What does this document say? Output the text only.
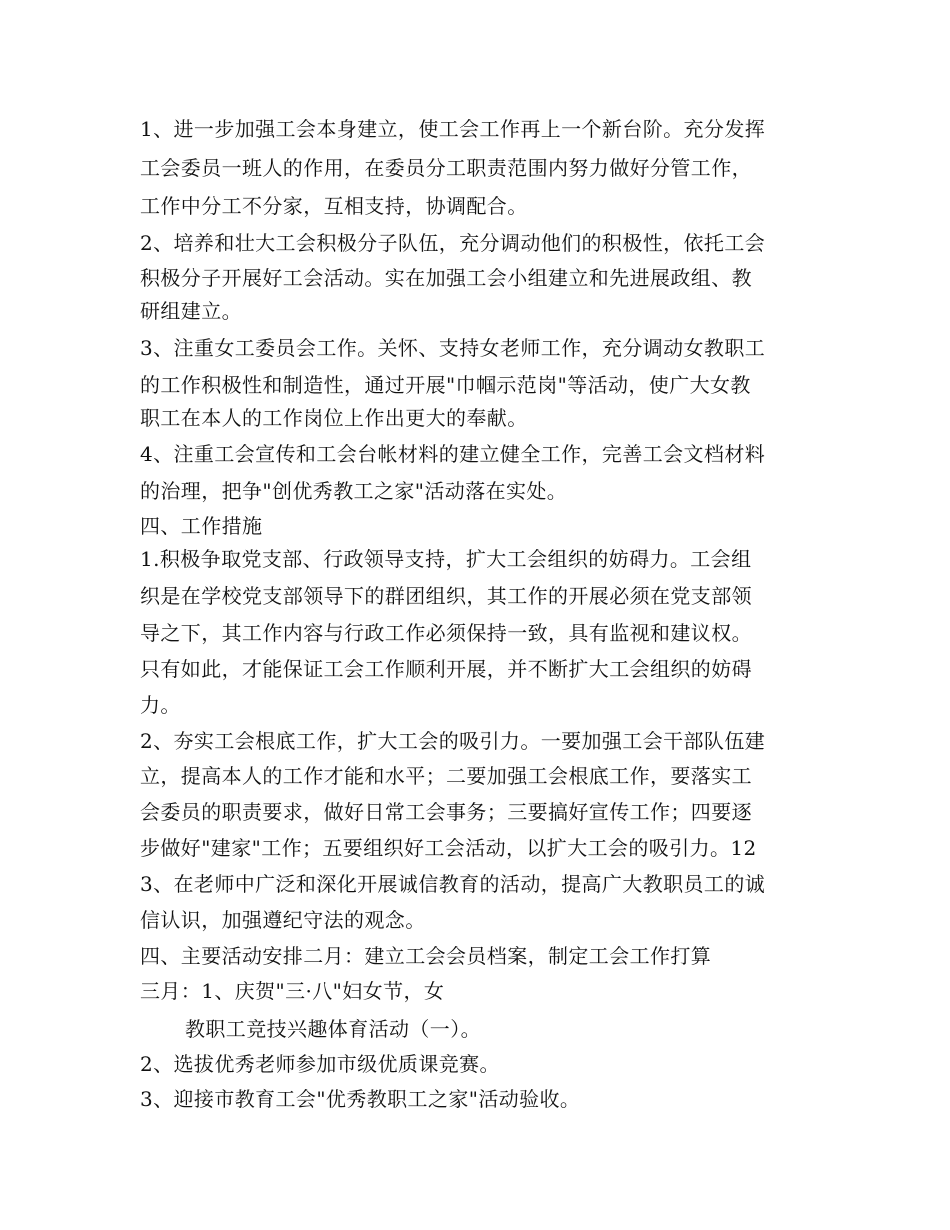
1、进一步加强工会本身建立，使工会工作再上一个新台阶。充分发挥
工会委员一班人的作用，在委员分工职责范围内努力做好分管工作，
工作中分工不分家，互相支持，协调配合。
2、培养和壮大工会积极分子队伍，充分调动他们的积极性，依托工会
积极分子开展好工会活动。实在加强工会小组建立和先进展政组、教
研组建立。
3、注重女工委员会工作。关怀、支持女老师工作，充分调动女教职工
的工作积极性和制造性，通过开展"巾帼示范岗"等活动，使广大女教
职工在本人的工作岗位上作出更大的奉献。
4、注重工会宣传和工会台帐材料的建立健全工作，完善工会文档材料
的治理，把争"创优秀教工之家"活动落在实处。
四、工作措施
1.积极争取党支部、行政领导支持，扩大工会组织的妨碍力。工会组
织是在学校党支部领导下的群团组织，其工作的开展必须在党支部领
导之下，其工作内容与行政工作必须保持一致，具有监视和建议权。
只有如此，才能保证工会工作顺利开展，并不断扩大工会组织的妨碍
力。
2、夯实工会根底工作，扩大工会的吸引力。一要加强工会干部队伍建
立，提高本人的工作才能和水平；二要加强工会根底工作，要落实工
会委员的职责要求，做好日常工会事务；三要搞好宣传工作；四要逐
步做好"建家"工作；五要组织好工会活动，以扩大工会的吸引力。12
3、在老师中广泛和深化开展诚信教育的活动，提高广大教职员工的诚
信认识，加强遵纪守法的观念。
四、主要活动安排二月：建立工会会员档案，制定工会工作打算
三月：1、庆贺"三·八"妇女节，女
教职工竞技兴趣体育活动（一）。
2、选拔优秀老师参加市级优质课竞赛。
3、迎接市教育工会"优秀教职工之家"活动验收。
